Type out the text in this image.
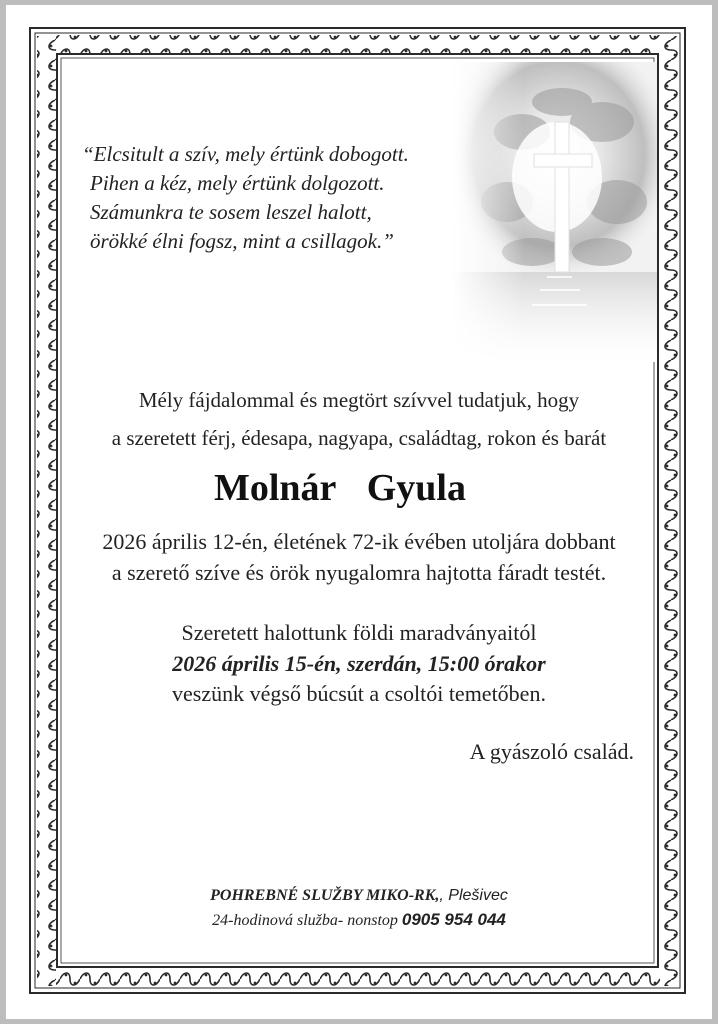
“Elcsitult a szív, mely értünk dobogott.
Pihen a kéz, mely értünk dolgozott.
Számunkra te sosem leszel halott,
örökké élni fogsz, mint a csillagok.”
Mély fájdalommal és megtört szívvel tudatjuk, hogy
a szeretett férj, édesapa, nagyapa, családtag, rokon és barát
Molnár  Gyula
2026 április 12-én, életének 72-ik évében utoljára dobbant
a szerető szíve és örök nyugalomra hajtotta fáradt testét.
Szeretett halottunk földi maradványaitól
2026 április 15-én, szerdán, 15:00 órakor
veszünk végső búcsút a csoltói temetőben.
A gyászoló család.
POHREBNÉ SLUŽBY MIKO-RK,, Plešivec
24-hodinová služba- nonstop 0905 954 044
